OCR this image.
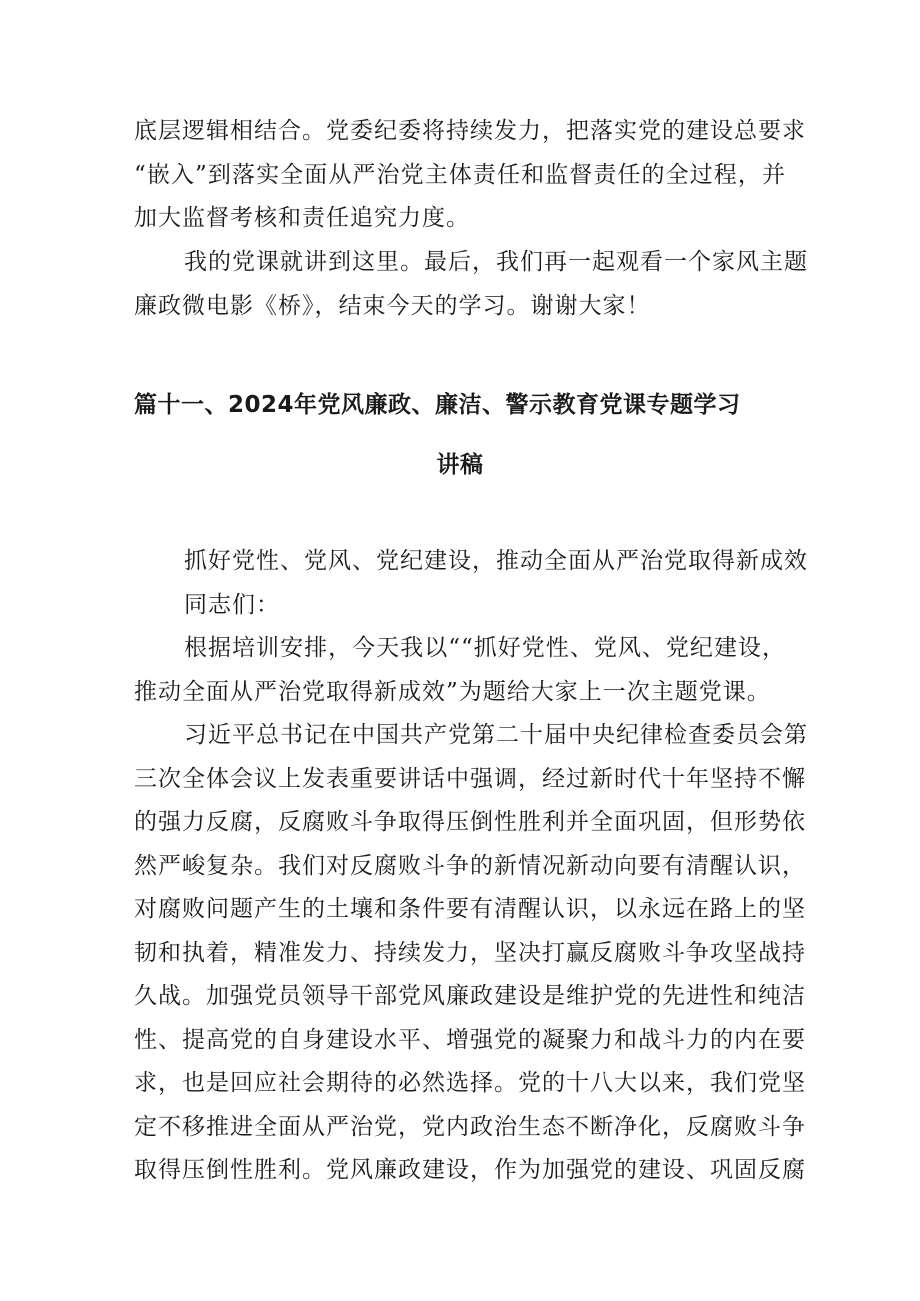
底层逻辑相结合。党委纪委将持续发力，把落实党的建设总要求
“嵌入”到落实全面从严治党主体责任和监督责任的全过程，并
加大监督考核和责任追究力度。
我的党课就讲到这里。最后，我们再一起观看一个家风主题
廉政微电影《桥》，结束今天的学习。谢谢大家！
篇十一、2024年党风廉政、廉洁、警示教育党课专题学习
讲稿
抓好党性、党风、党纪建设，推动全面从严治党取得新成效
同志们：
根据培训安排，今天我以““抓好党性、党风、党纪建设，
推动全面从严治党取得新成效”为题给大家上一次主题党课。
习近平总书记在中国共产党第二十届中央纪律检查委员会第
三次全体会议上发表重要讲话中强调，经过新时代十年坚持不懈
的强力反腐，反腐败斗争取得压倒性胜利并全面巩固，但形势依
然严峻复杂。我们对反腐败斗争的新情况新动向要有清醒认识，
对腐败问题产生的土壤和条件要有清醒认识，以永远在路上的坚
韧和执着，精准发力、持续发力，坚决打赢反腐败斗争攻坚战持
久战。加强党员领导干部党风廉政建设是维护党的先进性和纯洁
性、提高党的自身建设水平、增强党的凝聚力和战斗力的内在要
求，也是回应社会期待的必然选择。党的十八大以来，我们党坚
定不移推进全面从严治党，党内政治生态不断净化，反腐败斗争
取得压倒性胜利。党风廉政建设，作为加强党的建设、巩固反腐
